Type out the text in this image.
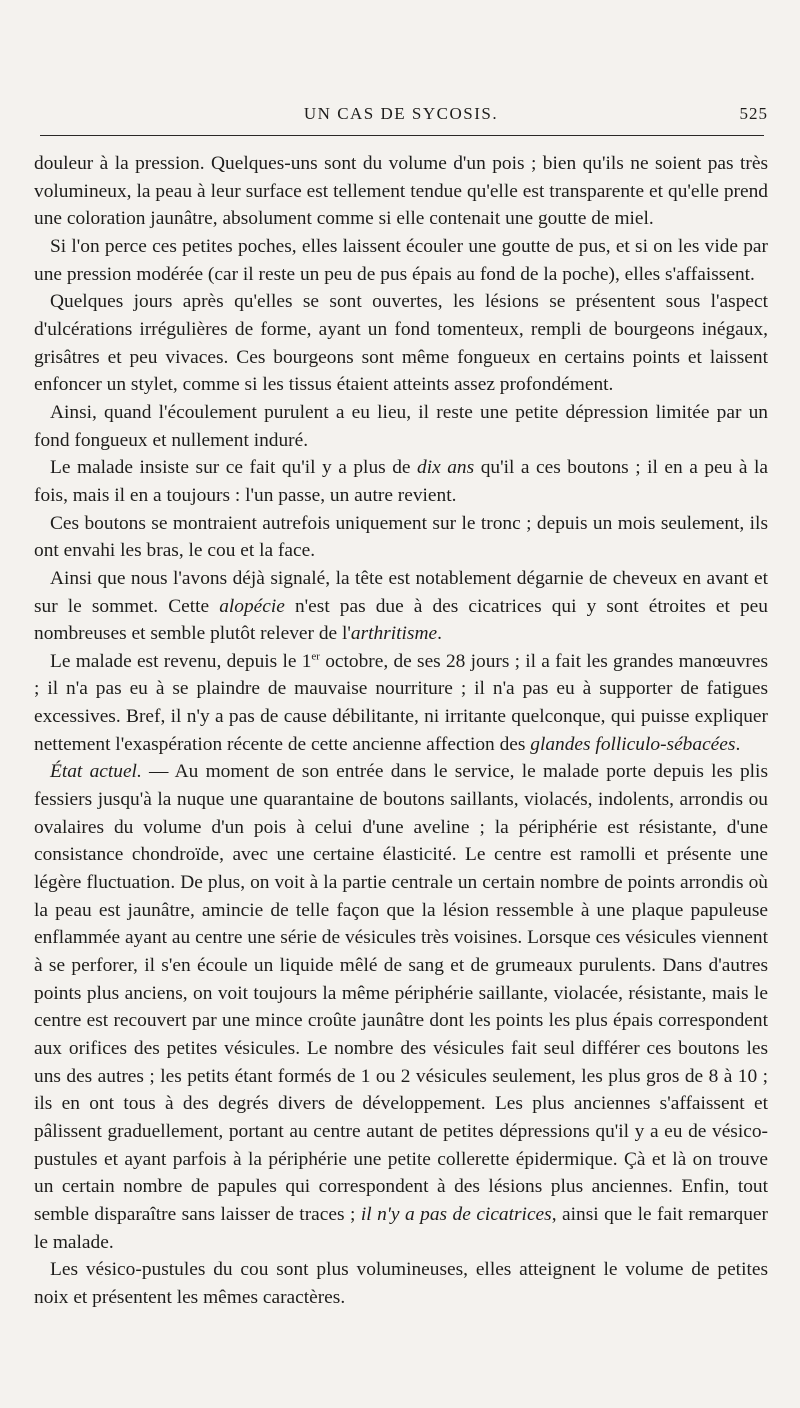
UN CAS DE SYCOSIS.	525

douleur à la pression. Quelques-uns sont du volume d'un pois ; bien qu'ils ne soient pas très volumineux, la peau à leur surface est tellement tendue qu'elle est transparente et qu'elle prend une coloration jaunâtre, absolument comme si elle contenait une goutte de miel.

Si l'on perce ces petites poches, elles laissent écouler une goutte de pus, et si on les vide par une pression modérée (car il reste un peu de pus épais au fond de la poche), elles s'affaissent.

Quelques jours après qu'elles se sont ouvertes, les lésions se présentent sous l'aspect d'ulcérations irrégulières de forme, ayant un fond tomenteux, rempli de bourgeons inégaux, grisâtres et peu vivaces. Ces bourgeons sont même fongueux en certains points et laissent enfoncer un stylet, comme si les tissus étaient atteints assez profondément.

Ainsi, quand l'écoulement purulent a eu lieu, il reste une petite dépression limitée par un fond fongueux et nullement induré.

Le malade insiste sur ce fait qu'il y a plus de dix ans qu'il a ces boutons ; il en a peu à la fois, mais il en a toujours : l'un passe, un autre revient.

Ces boutons se montraient autrefois uniquement sur le tronc ; depuis un mois seulement, ils ont envahi les bras, le cou et la face.

Ainsi que nous l'avons déjà signalé, la tête est notablement dégarnie de cheveux en avant et sur le sommet. Cette alopécie n'est pas due à des cicatrices qui y sont étroites et peu nombreuses et semble plutôt relever de l'arthritisme.

Le malade est revenu, depuis le 1er octobre, de ses 28 jours ; il a fait les grandes manœuvres ; il n'a pas eu à se plaindre de mauvaise nourriture ; il n'a pas eu à supporter de fatigues excessives. Bref, il n'y a pas de cause débilitante, ni irritante quelconque, qui puisse expliquer nettement l'exaspération récente de cette ancienne affection des glandes folliculo-sébacées.

État actuel. — Au moment de son entrée dans le service, le malade porte depuis les plis fessiers jusqu'à la nuque une quarantaine de boutons saillants, violacés, indolents, arrondis ou ovalaires du volume d'un pois à celui d'une aveline ; la périphérie est résistante, d'une consistance chondroïde, avec une certaine élasticité. Le centre est ramolli et présente une légère fluctuation. De plus, on voit à la partie centrale un certain nombre de points arrondis où la peau est jaunâtre, amincie de telle façon que la lésion ressemble à une plaque papuleuse enflammée ayant au centre une série de vésicules très voisines. Lorsque ces vésicules viennent à se perforer, il s'en écoule un liquide mêlé de sang et de grumeaux purulents. Dans d'autres points plus anciens, on voit toujours la même périphérie saillante, violacée, résistante, mais le centre est recouvert par une mince croûte jaunâtre dont les points les plus épais correspondent aux orifices des petites vésicules. Le nombre des vésicules fait seul différer ces boutons les uns des autres ; les petits étant formés de 1 ou 2 vésicules seulement, les plus gros de 8 à 10 ; ils en ont tous à des degrés divers de développement. Les plus anciennes s'affaissent et pâlissent graduellement, portant au centre autant de petites dépressions qu'il y a eu de vésico-pustules et ayant parfois à la périphérie une petite collerette épidermique. Çà et là on trouve un certain nombre de papules qui correspondent à des lésions plus anciennes. Enfin, tout semble disparaître sans laisser de traces ; il n'y a pas de cicatrices, ainsi que le fait remarquer le malade.

Les vésico-pustules du cou sont plus volumineuses, elles atteignent le volume de petites noix et présentent les mêmes caractères.
